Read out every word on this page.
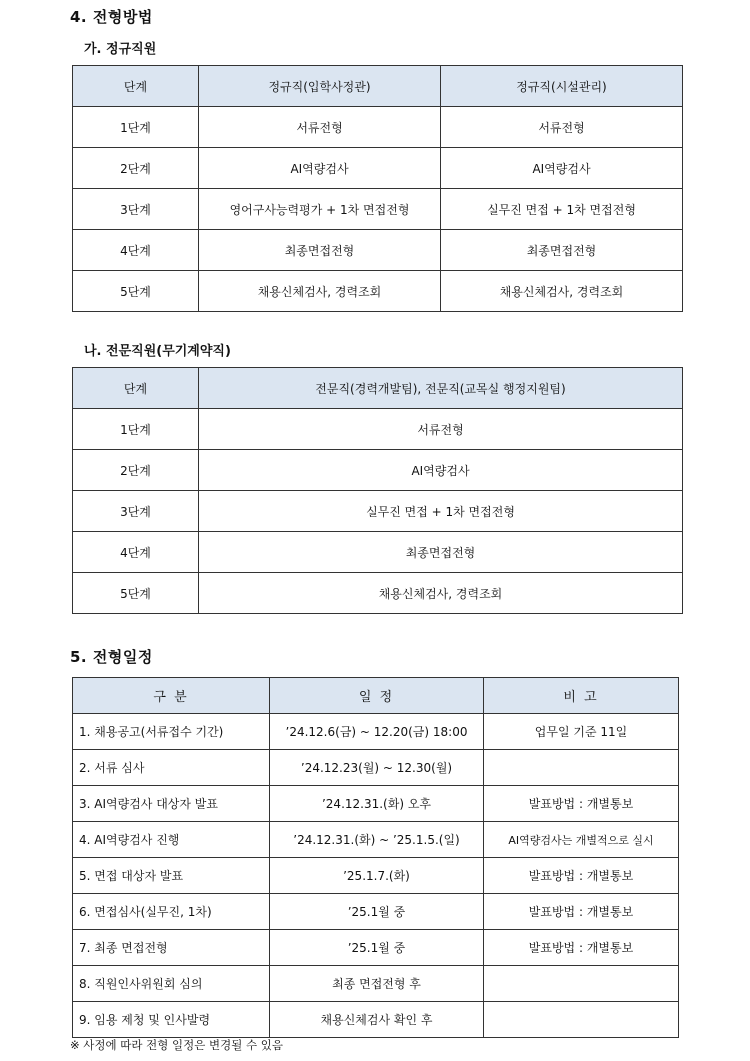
4. 전형방법
가. 정규직원
단계	정규직(입학사정관)	정규직(시설관리)
1단계	서류전형	서류전형
2단계	AI역량검사	AI역량검사
3단계	영어구사능력평가 + 1차 면접전형	실무진 면접 + 1차 면접전형
4단계	최종면접전형	최종면접전형
5단계	채용신체검사, 경력조회	채용신체검사, 경력조회
나. 전문직원(무기계약직)
단계	전문직(경력개발팀), 전문직(교목실 행정지원팀)
1단계	서류전형
2단계	AI역량검사
3단계	실무진 면접 + 1차 면접전형
4단계	최종면접전형
5단계	채용신체검사, 경력조회
5. 전형일정
구 분	일 정	비 고
1. 채용공고(서류접수 기간)	’24.12.6(금) ~ 12.20(금) 18:00	업무일 기준 11일
2. 서류 심사	’24.12.23(월) ~ 12.30(월)	
3. AI역량검사 대상자 발표	’24.12.31.(화) 오후	발표방법 : 개별통보
4. AI역량검사 진행	’24.12.31.(화) ~ ’25.1.5.(일)	AI역량검사는 개별적으로 실시
5. 면접 대상자 발표	’25.1.7.(화)	발표방법 : 개별통보
6. 면접심사(실무진, 1차)	’25.1월 중	발표방법 : 개별통보
7. 최종 면접전형	’25.1월 중	발표방법 : 개별통보
8. 직원인사위원회 심의	최종 면접전형 후	
9. 임용 제청 및 인사발령	채용신체검사 확인 후	
※ 사정에 따라 전형 일정은 변경될 수 있음
